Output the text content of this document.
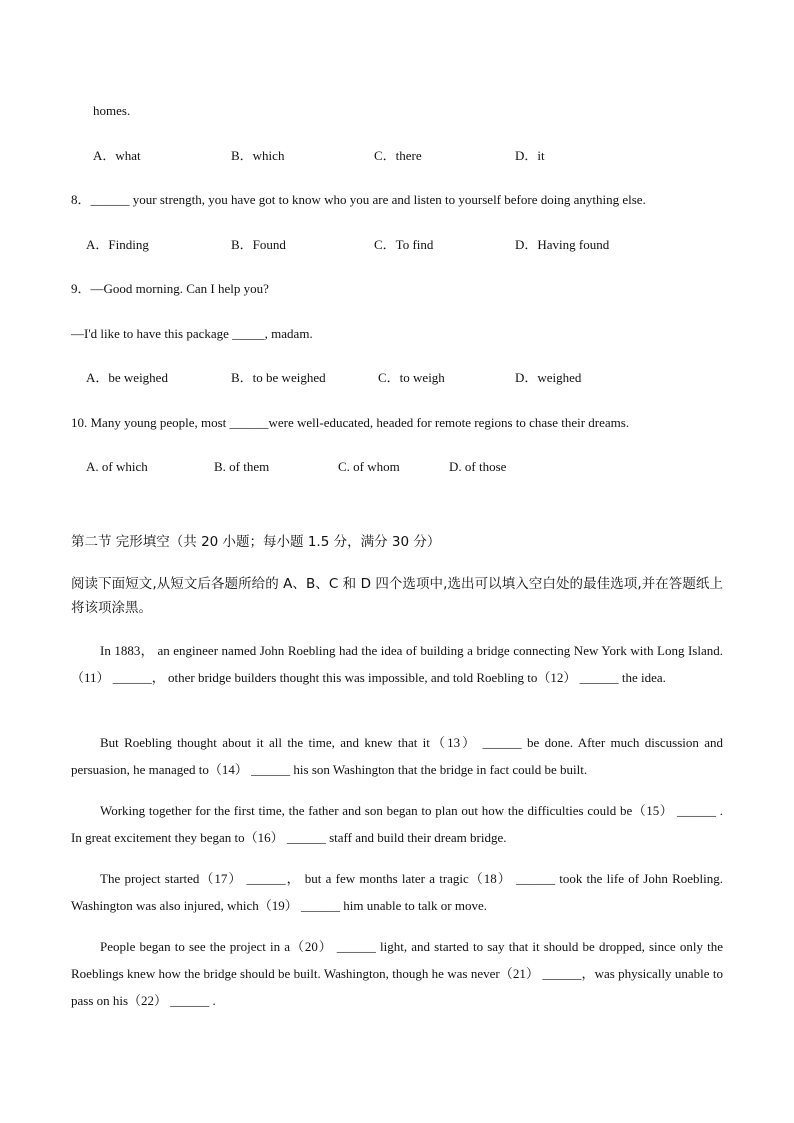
homes.
A．what	B．which	C．there	D．it
8．______ your strength, you have got to know who you are and listen to yourself before doing anything else.
A．Finding	B．Found	C．To find	D．Having found
9．—Good morning. Can I help you?
—I'd like to have this package _____, madam.
A．be weighed	B．to be weighed	C．to weigh	D．weighed
10. Many young people, most ______were well-educated, headed for remote regions to chase their dreams.
A. of which	B. of them	C. of whom	D. of those
第二节 完形填空（共 20 小题；每小题 1.5 分，满分 30 分）
阅读下面短文,从短文后各题所给的 A、B、C 和 D 四个选项中,选出可以填入空白处的最佳选项,并在答题纸上将该项涂黑。
In 1883， an engineer named John Roebling had the idea of building a bridge connecting New York with Long Island.（11） ______， other bridge builders thought this was impossible, and told Roebling to（12） ______ the idea.
But Roebling thought about it all the time, and knew that it（13） ______ be done. After much discussion and persuasion, he managed to（14） ______ his son Washington that the bridge in fact could be built.
Working together for the first time, the father and son began to plan out how the difficulties could be（15） ______ . In great excitement they began to（16） ______ staff and build their dream bridge.
The project started（17） ______， but a few months later a tragic（18） ______ took the life of John Roebling. Washington was also injured, which（19） ______ him unable to talk or move.
People began to see the project in a（20） ______ light, and started to say that it should be dropped, since only the Roeblings knew how the bridge should be built. Washington, though he was never（21） ______，was physically unable to pass on his（22） ______ .
